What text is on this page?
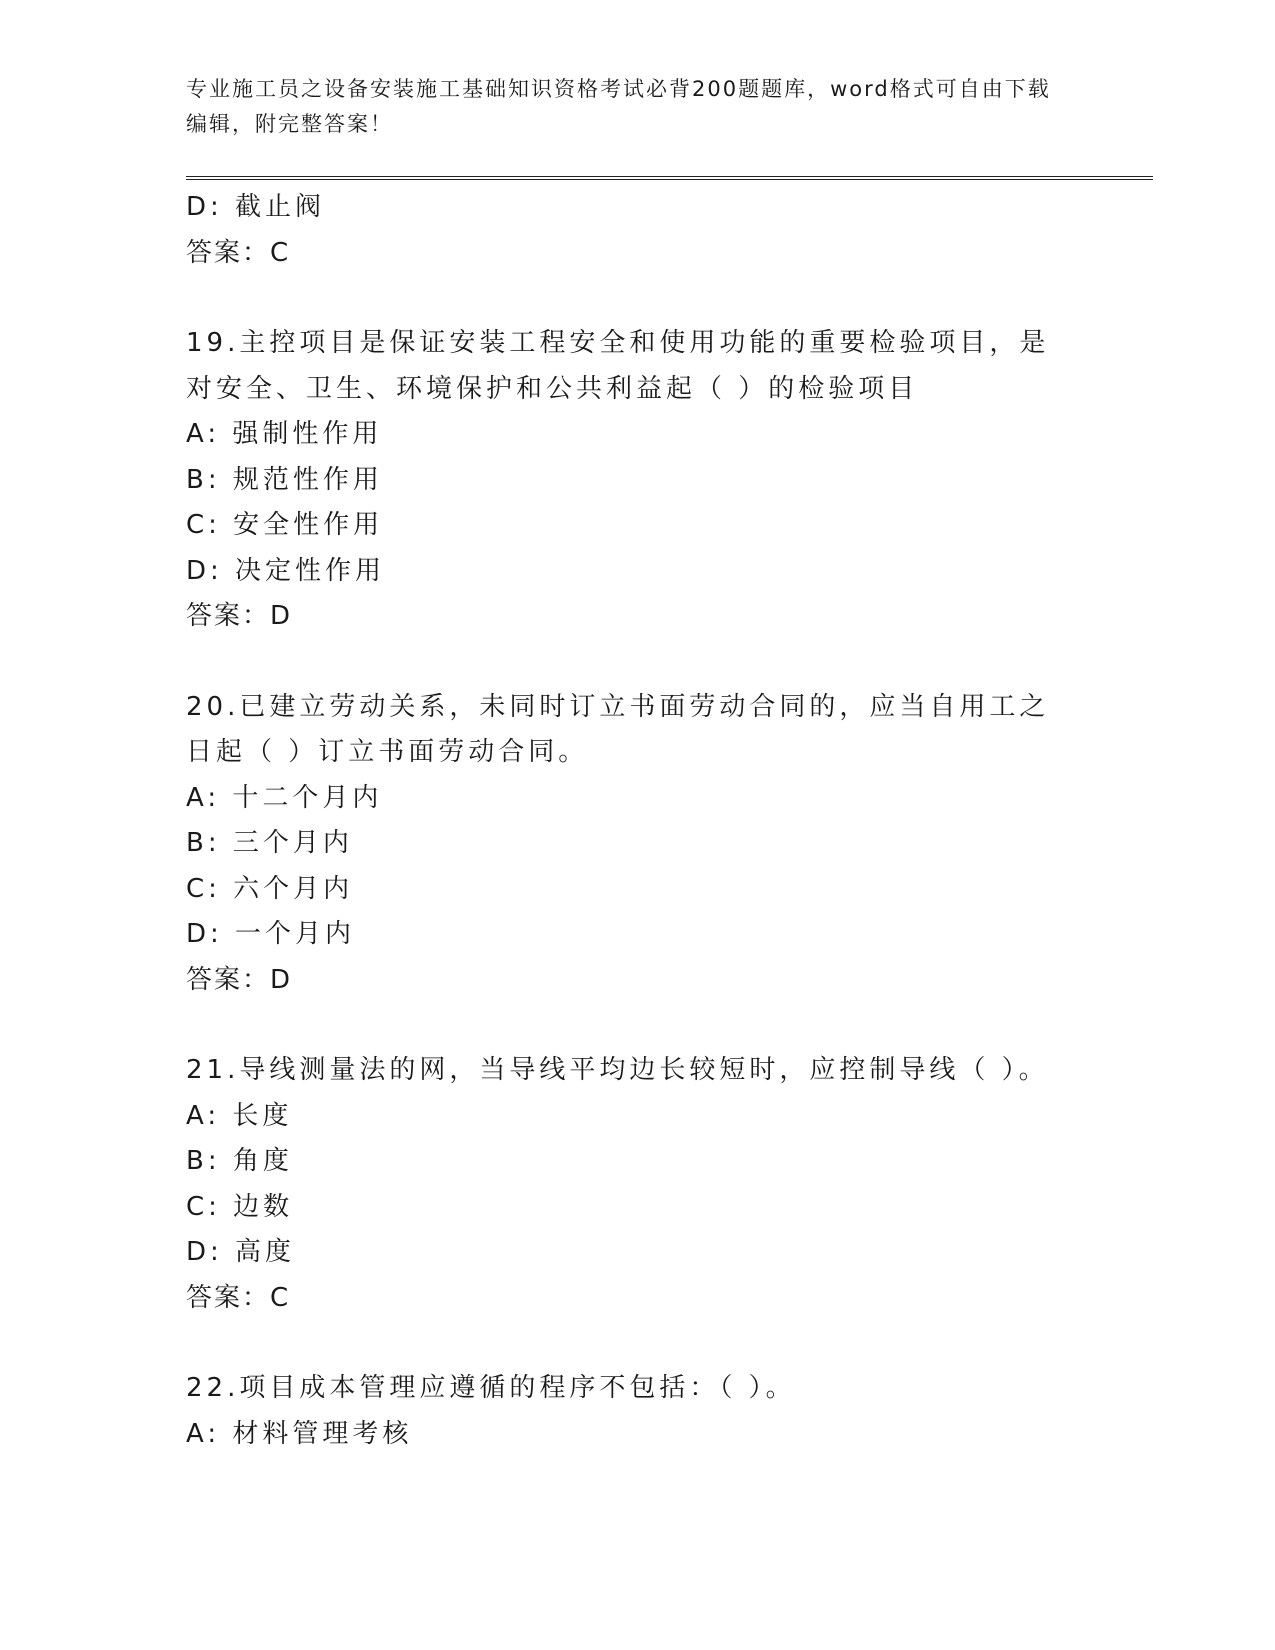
专业施工员之设备安装施工基础知识资格考试必背200题题库，word格式可自由下载编辑，附完整答案！
D: 截止阀
答案：C
19.主控项目是保证安装工程安全和使用功能的重要检验项目，是对安全、卫生、环境保护和公共利益起（ ）的检验项目
A: 强制性作用
B: 规范性作用
C: 安全性作用
D: 决定性作用
答案：D
20.已建立劳动关系，未同时订立书面劳动合同的，应当自用工之日起（ ）订立书面劳动合同。
A: 十二个月内
B: 三个月内
C: 六个月内
D: 一个月内
答案：D
21.导线测量法的网，当导线平均边长较短时，应控制导线（ ）。
A: 长度
B: 角度
C: 边数
D: 高度
答案：C
22.项目成本管理应遵循的程序不包括：（ ）。
A: 材料管理考核
